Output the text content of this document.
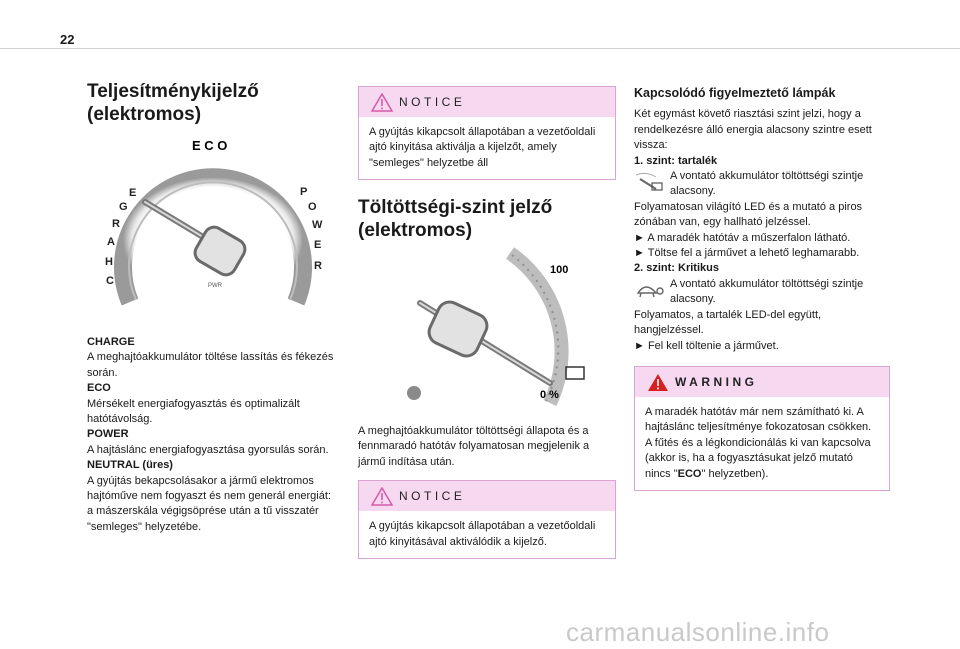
22
Teljesítménykijelző
(elektromos)
E C O
C
H
A
R
G
E	P
O
W
E
R
PWR

CHARGE

A meghajtóakkumulátor töltése lassítás és fékezés során.

ECO

Mérsékelt energiafogyasztás és optimalizált hatótávolság.

POWER

A hajtáslánc energiafogyasztása gyorsulás során.

NEUTRAL (üres)

A gyújtás bekapcsolásakor a jármű elektromos hajtóműve nem fogyaszt és nem generál energiát: a mászerskála végigsöprése után a tű visszatér "semleges" helyzetébe.

NOTICE
A gyújtás kikapcsolt állapotában a vezetőoldali ajtó kinyitása aktiválja a kijelzőt, amely "semleges" helyzetbe áll
Töltöttségi-szint jelző
(elektromos)
100
0 %

A meghajtóakkumulátor töltöttségi állapota és a fennmaradó hatótáv folyamatosan megjelenik a jármű indítása után.

NOTICE
A gyújtás kikapcsolt állapotában a vezetőoldali ajtó kinyitásával aktiválódik a kijelző.
Kapcsolódó figyelmeztető lámpák

Két egymást követő riasztási szint jelzi, hogy a rendelkezésre álló energia alacsony szintre esett vissza:

1. szint: tartalék

A vontató akkumulátor töltöttségi szintje

alacsony.

Folyamatosan világító LED és a mutató a piros zónában van, egy hallható jelzéssel.

► A maradék hatótáv a műszerfalon látható.

► Töltse fel a járművet a lehető leghamarabb.

2. szint: Kritikus

A vontató akkumulátor töltöttségi szintje

alacsony.

Folyamatos, a tartalék LED-del együtt, hangjelzéssel.

► Fel kell töltenie a járművet.

WARNING

A maradék hatótáv már nem számítható ki. A hajtáslánc teljesítménye fokozatosan csökken.

A fűtés és a légkondicionálás ki van kapcsolva (akkor is, ha a fogyasztásukat jelző mutató nincs "ECO" helyzetben).

carmanualsonline.info
